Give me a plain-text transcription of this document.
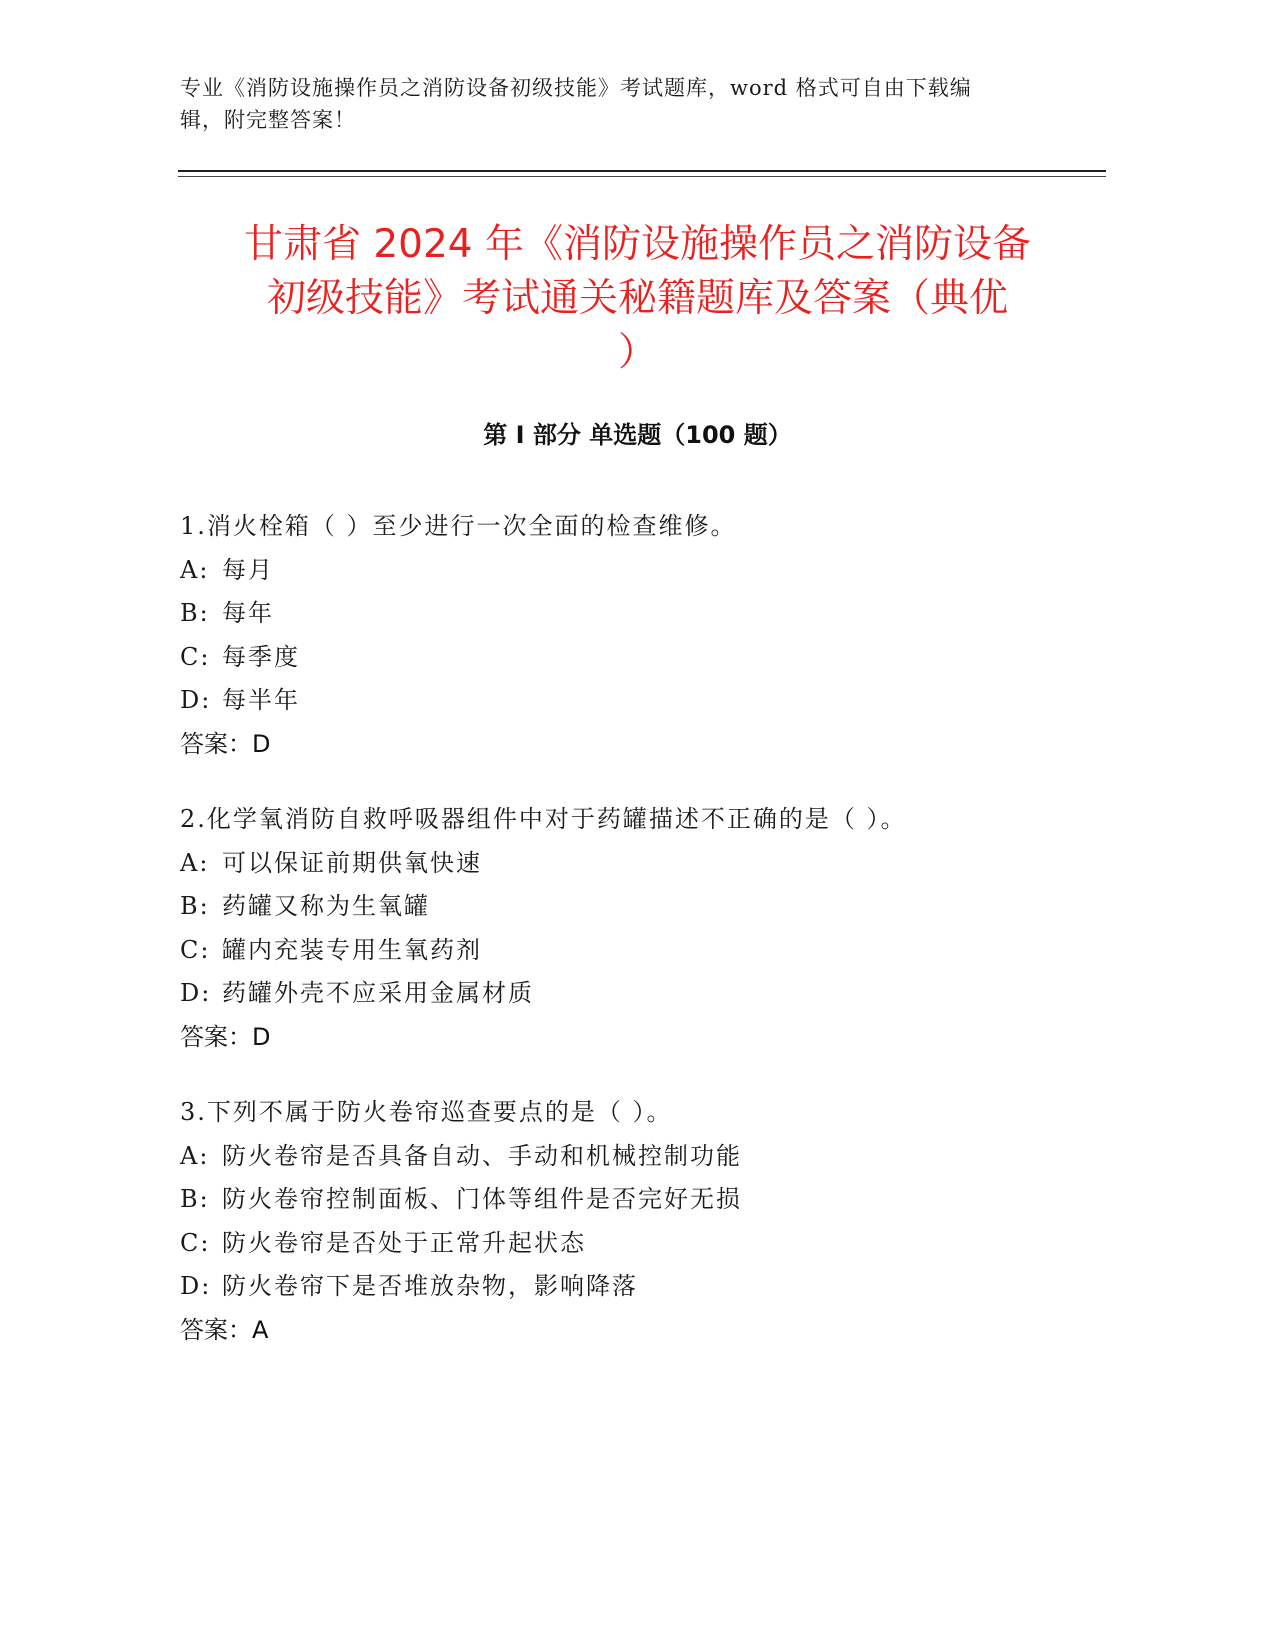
专业《消防设施操作员之消防设备初级技能》考试题库，word 格式可自由下载编
辑，附完整答案！
甘肃省 2024 年《消防设施操作员之消防设备
初级技能》考试通关秘籍题库及答案（典优
）
第 I 部分 单选题（100 题）
1.消火栓箱（ ）至少进行一次全面的检查维修。
A: 每月
B: 每年
C: 每季度
D: 每半年
答案：D
2.化学氧消防自救呼吸器组件中对于药罐描述不正确的是（ ）。
A: 可以保证前期供氧快速
B: 药罐又称为生氧罐
C: 罐内充装专用生氧药剂
D: 药罐外壳不应采用金属材质
答案：D
3.下列不属于防火卷帘巡查要点的是（ ）。
A: 防火卷帘是否具备自动、手动和机械控制功能
B: 防火卷帘控制面板、门体等组件是否完好无损
C: 防火卷帘是否处于正常升起状态
D: 防火卷帘下是否堆放杂物，影响降落
答案：A
